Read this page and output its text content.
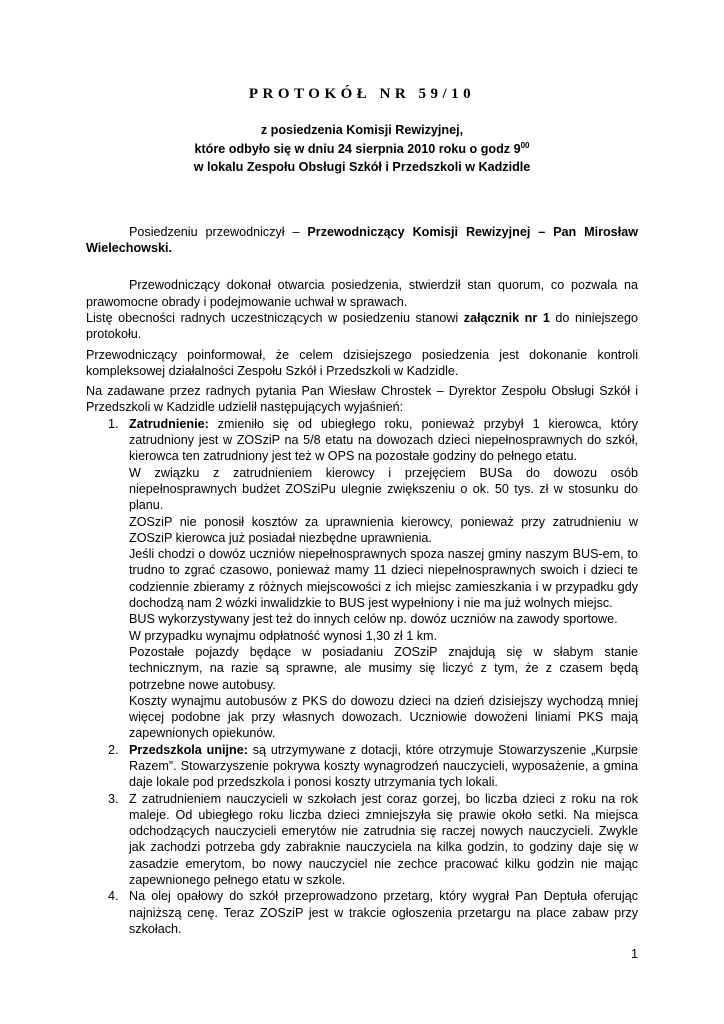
PROTOKÓŁ NR 59/10
z posiedzenia Komisji Rewizyjnej,
które odbyło się w dniu 24 sierpnia 2010 roku o godz $9^{00}$
w lokalu Zespołu Obsługi Szkół i Przedszkoli w Kadzidle

Posiedzeniu przewodniczył – Przewodniczący Komisji Rewizyjnej – Pan Mirosław Wielechowski.

Przewodniczący dokonał otwarcia posiedzenia, stwierdził stan quorum, co pozwala na prawomocne obrady i podejmowanie uchwał w sprawach.

Listę obecności radnych uczestniczących w posiedzeniu stanowi załącznik nr 1 do niniejszego protokołu.

Przewodniczący poinformował, że celem dzisiejszego posiedzenia jest dokonanie kontroli kompleksowej działalności Zespołu Szkół i Przedszkoli w Kadzidle.

Na zadawane przez radnych pytania Pan Wiesław Chrostek – Dyrektor Zespołu Obsługi Szkół i Przedszkoli w Kadzidle udzielił następujących wyjaśnień:

1. Zatrudnienie: zmieniło się od ubiegłego roku, ponieważ przybył 1 kierowca, który zatrudniony jest w ZOSziP na 5/8 etatu na dowozach dzieci niepełnosprawnych do szkół, kierowca ten zatrudniony jest też w OPS na pozostałe godziny do pełnego etatu.

W związku z zatrudnieniem kierowcy i przejęciem BUSa do dowozu osób niepełnosprawnych budżet ZOSziPu ulegnie zwiększeniu o ok. 50 tys. zł w stosunku do planu.

ZOSziP nie ponosił kosztów za uprawnienia kierowcy, ponieważ przy zatrudnieniu w ZOSziP kierowca już posiadał niezbędne uprawnienia.

Jeśli chodzi o dowóz uczniów niepełnosprawnych spoza naszej gminy naszym BUS-em, to trudno to zgrać czasowo, ponieważ mamy 11 dzieci niepełnosprawnych swoich i dzieci te codziennie zbieramy z różnych miejscowości z ich miejsc zamieszkania i w przypadku gdy dochodzą nam 2 wózki inwalidzkie to BUS jest wypełniony i nie ma już wolnych miejsc.

BUS wykorzystywany jest też do innych celów np. dowóz uczniów na zawody sportowe.

W przypadku wynajmu odpłatność wynosi 1,30 zł 1 km.

Pozostałe pojazdy będące w posiadaniu ZOSziP znajdują się w słabym stanie technicznym, na razie są sprawne, ale musimy się liczyć z tym, że z czasem będą potrzebne nowe autobusy.

Koszty wynajmu autobusów z PKS do dowozu dzieci na dzień dzisiejszy wychodzą mniej więcej podobne jak przy własnych dowozach. Uczniowie dowożeni liniami PKS mają zapewnionych opiekunów.

2. Przedszkola unijne: są utrzymywane z dotacji, które otrzymuje Stowarzyszenie „Kurpsie Razem”. Stowarzyszenie pokrywa koszty wynagrodzeń nauczycieli, wyposażenie, a gmina daje lokale pod przedszkola i ponosi koszty utrzymania tych lokali.

3. Z zatrudnieniem nauczycieli w szkołach jest coraz gorzej, bo liczba dzieci z roku na rok maleje. Od ubiegłego roku liczba dzieci zmniejszyła się prawie około setki. Na miejsca odchodzących nauczycieli emerytów nie zatrudnia się raczej nowych nauczycieli. Zwykle jak zachodzi potrzeba gdy zabraknie nauczyciela na kilka godzin, to godziny daje się w zasadzie emerytom, bo nowy nauczyciel nie zechce pracować kilku godzin nie mając zapewnionego pełnego etatu w szkole.

4. Na olej opałowy do szkół przeprowadzono przetarg, który wygrał Pan Deptuła oferując najniższą cenę. Teraz ZOSziP jest w trakcie ogłoszenia przetargu na place zabaw przy szkołach.

1
